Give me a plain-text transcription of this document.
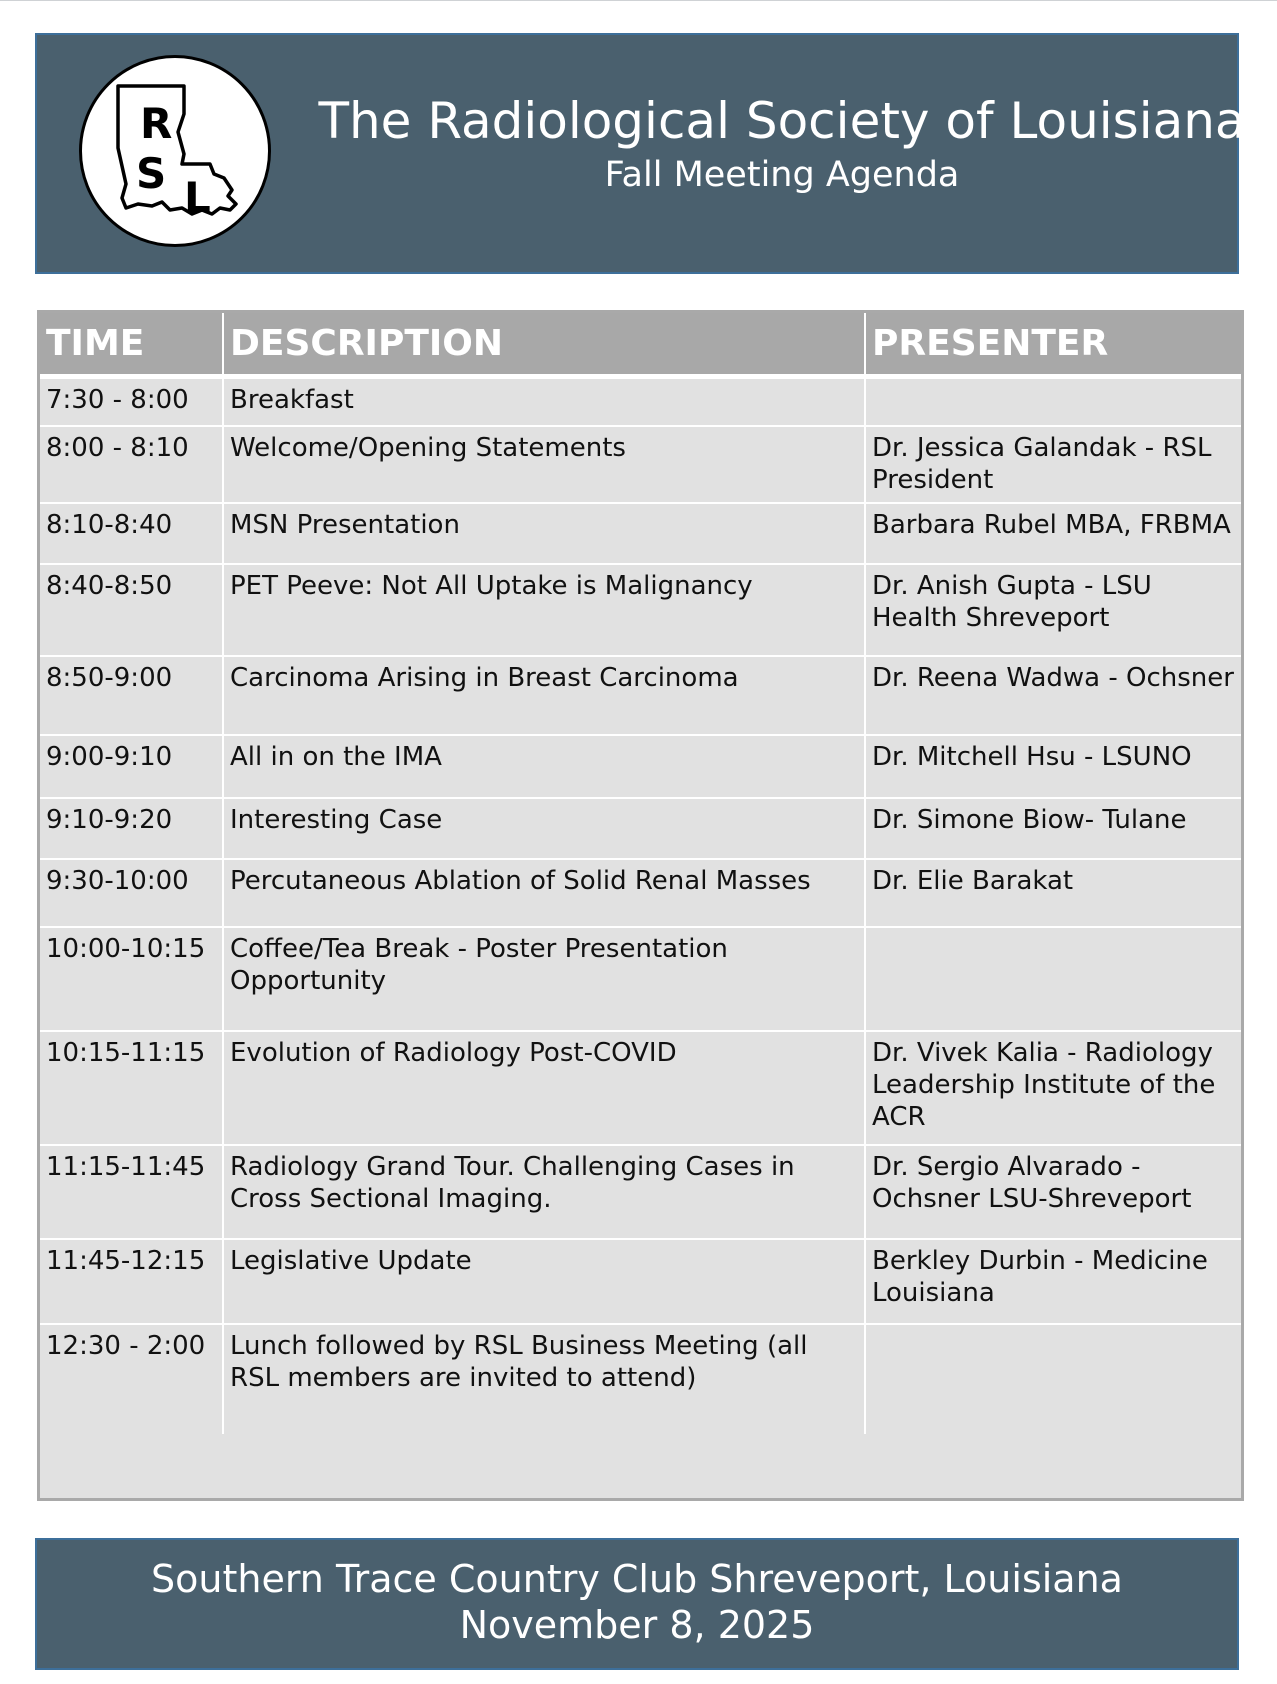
R
S L
The Radiological Society of Louisiana
Fall Meeting Agenda
TIME	DESCRIPTION	PRESENTER
7:30 - 8:00	Breakfast	
8:00 - 8:10	Welcome/Opening Statements	Dr. Jessica Galandak - RSL President
8:10-8:40	MSN Presentation	Barbara Rubel MBA, FRBMA
8:40-8:50	PET Peeve: Not All Uptake is Malignancy	Dr. Anish Gupta - LSU Health Shreveport
8:50-9:00	Carcinoma Arising in Breast Carcinoma	Dr. Reena Wadwa - Ochsner
9:00-9:10	All in on the IMA	Dr. Mitchell Hsu - LSUNO
9:10-9:20	Interesting Case	Dr. Simone Biow- Tulane
9:30-10:00	Percutaneous Ablation of Solid Renal Masses	Dr. Elie Barakat
10:00-10:15	Coffee/Tea Break - Poster Presentation Opportunity	
10:15-11:15	Evolution of Radiology Post-COVID	Dr. Vivek Kalia - Radiology Leadership Institute of the ACR
11:15-11:45	Radiology Grand Tour. Challenging Cases in Cross Sectional Imaging.	Dr. Sergio Alvarado - Ochsner LSU-Shreveport
11:45-12:15	Legislative Update	Berkley Durbin - Medicine Louisiana
12:30 - 2:00	Lunch followed by RSL Business Meeting (all RSL members are invited to attend)	
Southern Trace Country Club Shreveport, Louisiana
November 8, 2025
